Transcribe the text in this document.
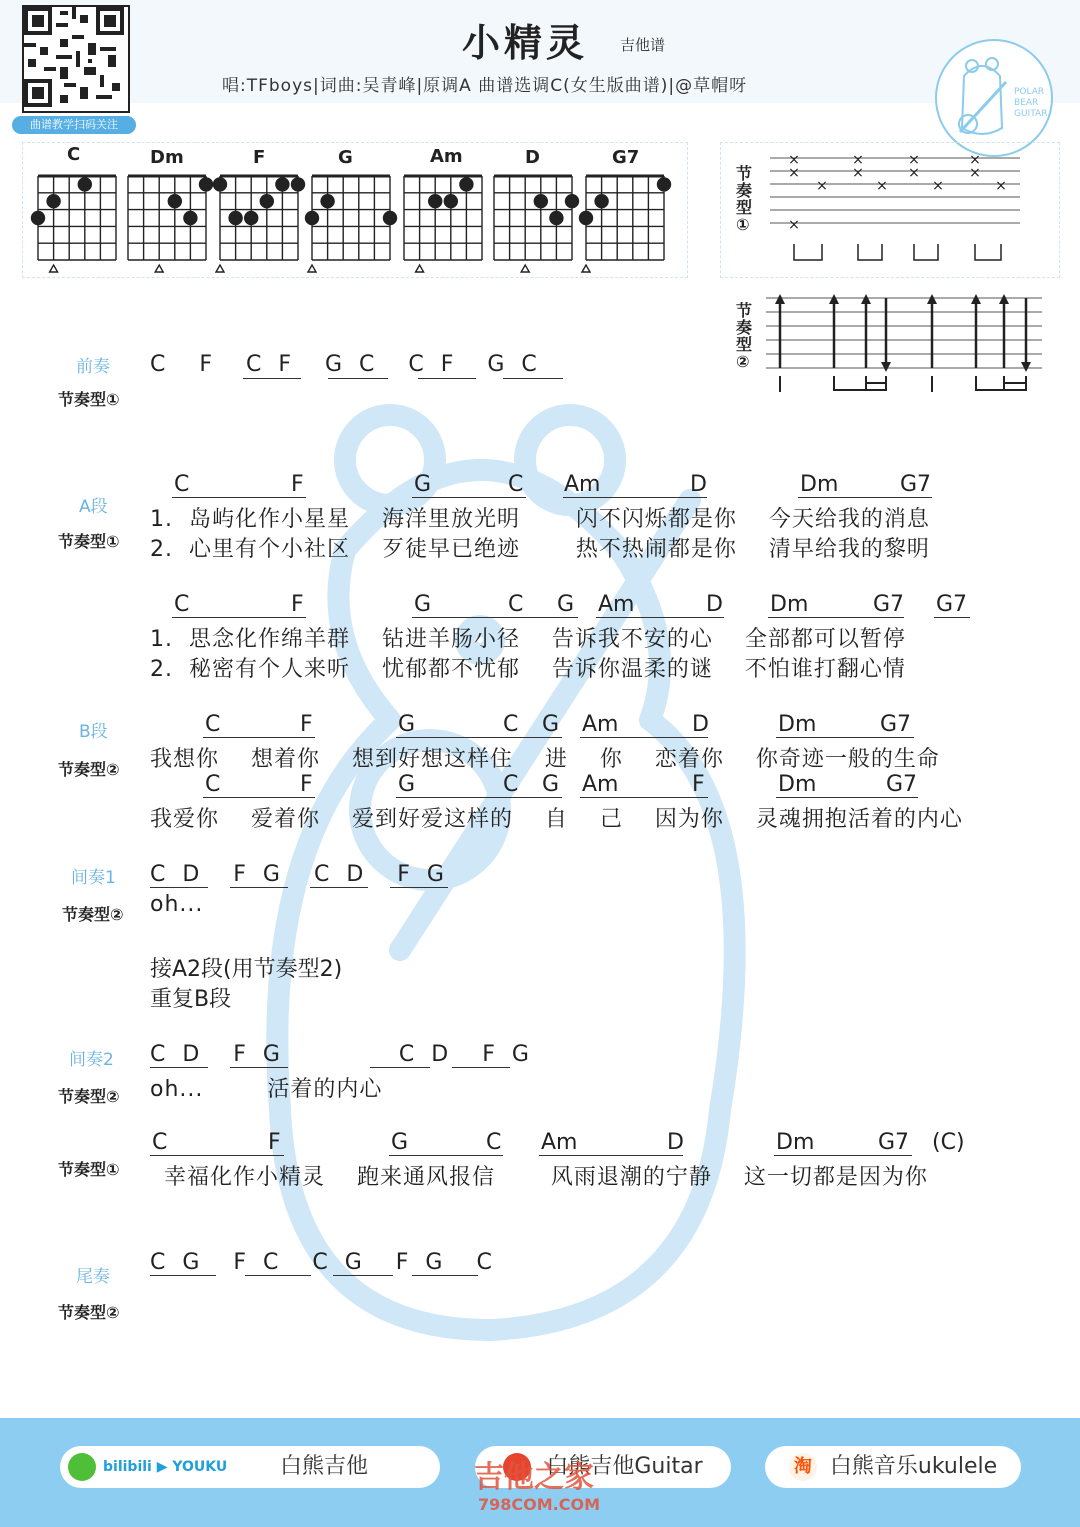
曲谱教学扫码关注
小精灵 吉他谱
唱:TFboys|词曲:吴青峰|原调A 曲谱选调C(女生版曲谱)|@草帽呀	POLAR
BEAR
GUITAR
C	Dm	F	G	Am	D	G7
节
奏
型
①
×
×
×
×
×
×
×
×
×
×
×
×
×
节
奏
型
②
前奏
节奏型①
C  F  C F  G C  C F  G C
A段
节奏型①
C	F	G	C Am	D	Dm	G7
1.  岛屿化作小星星    海洋里放光明       闪不闪烁都是你    今天给我的消息
2.  心里有个小社区    歹徒早已绝迹       热不热闹都是你    清早给我的黎明
C	F	G	C G Am	D Dm	G7 G7
1.  思念化作绵羊群    钻进羊肠小径    告诉我不安的心    全部都可以暂停
2.  秘密有个人来听    忧郁都不忧郁    告诉你温柔的谜    不怕谁打翻心情
B段
节奏型②
C	F	G	C G Am	D	Dm	G7
我想你    想着你    想到好想这样住    进    你    恋着你    你奇迹一般的生命
C	F	G	C G Am	F	Dm	G7
我爱你    爱着你    爱到好爱这样的    自    己    因为你    灵魂拥抱活着的内心
间奏1
节奏型②
C D  F G  C D  F G
oh...
接A2段(用节奏型2)
重复B段
间奏2
节奏型②
C D  F G       C D  F G
oh...        活着的内心
节奏型①
C	F	G	C Am	D	Dm	G7 (C)
幸福化作小精灵    跑来通风报信       风雨退潮的宁静    这一切都是因为你
尾奏
节奏型②
C G  F C  C G  F G  C
$^{bilibili ▶ YOUKU}$ 白熊吉他	白熊吉他Guitar	淘 白熊音乐ukulele
吉他之家
798COM.COM
